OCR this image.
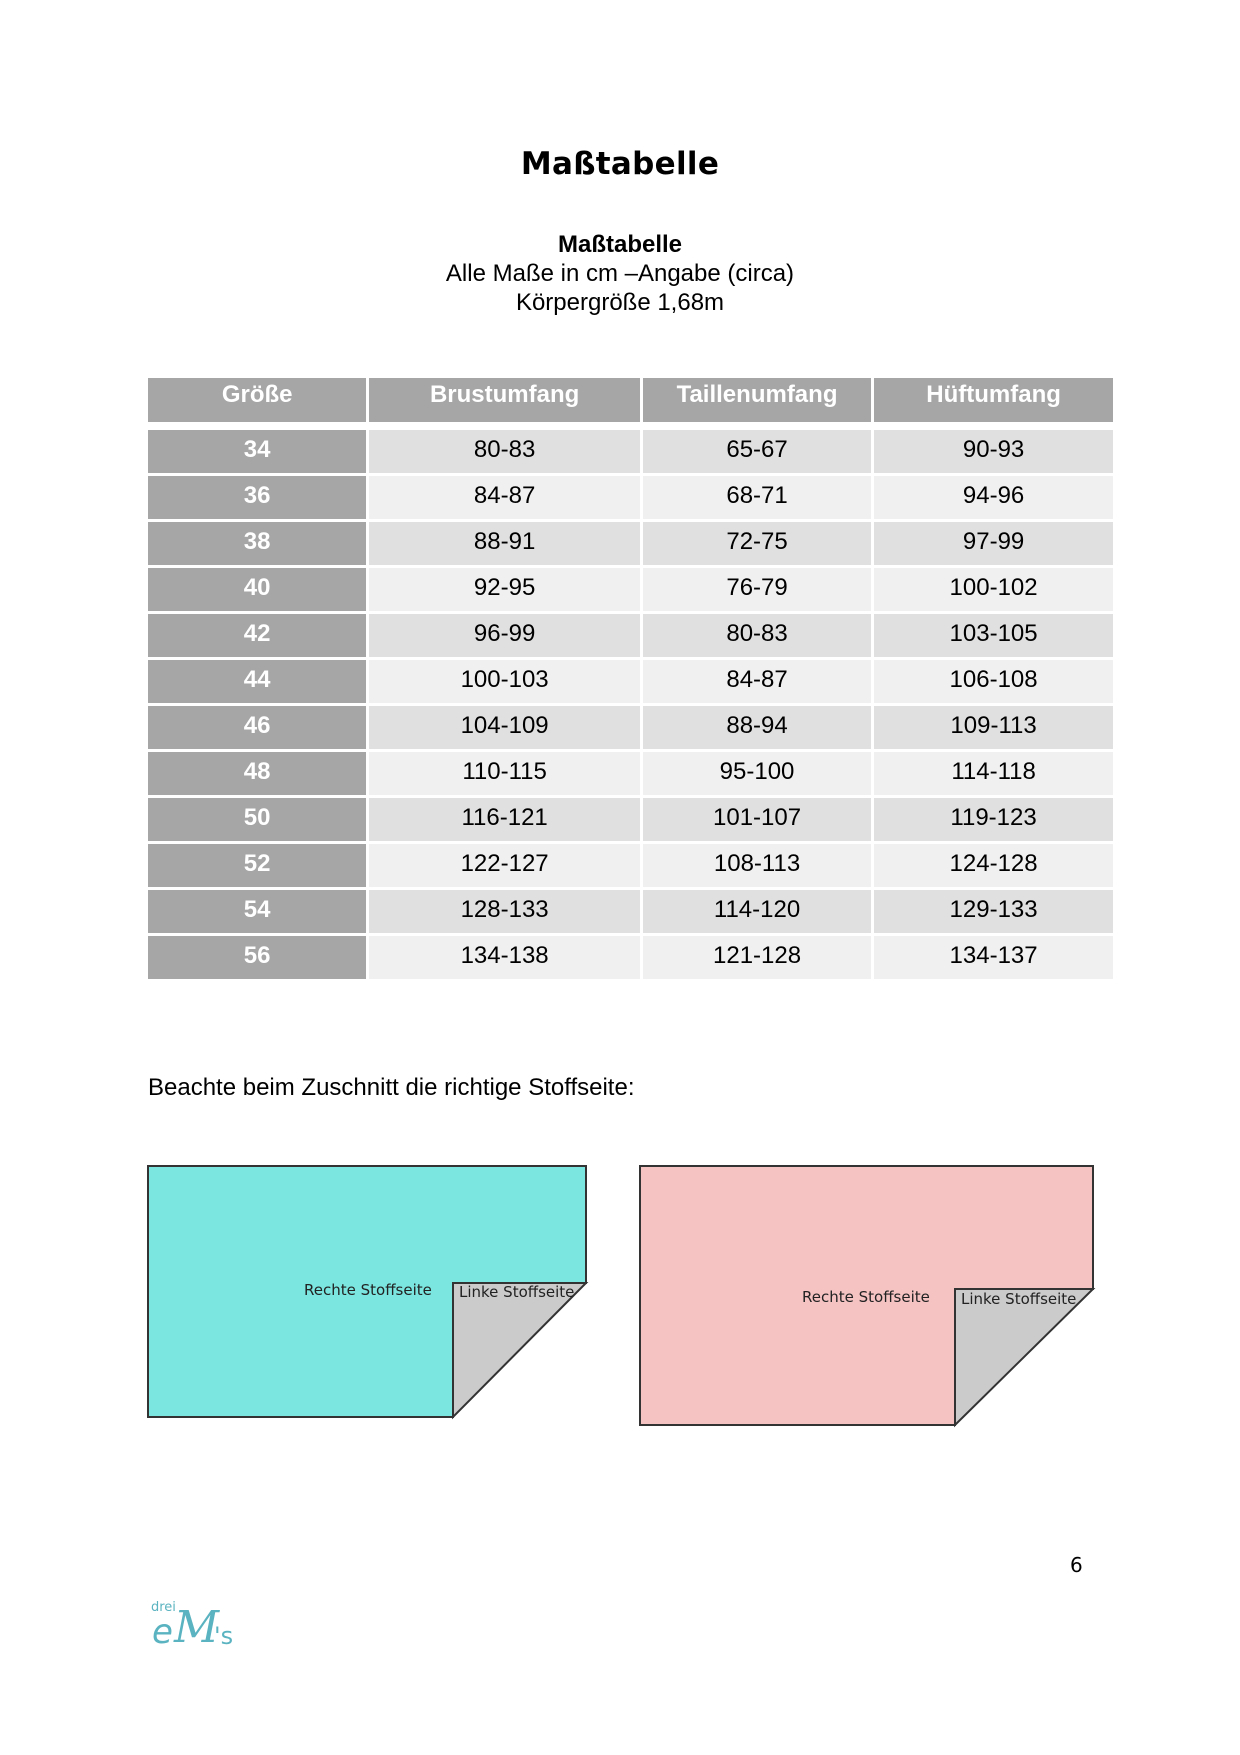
Maßtabelle
Maßtabelle
Alle Maße in cm –Angabe (circa)
Körpergröße 1,68m
Größe	Brustumfang	Taillenumfang	Hüftumfang
34	80-83	65-67	90-93
36	84-87	68-71	94-96
38	88-91	72-75	97-99
40	92-95	76-79	100-102
42	96-99	80-83	103-105
44	100-103	84-87	106-108
46	104-109	88-94	109-113
48	110-115	95-100	114-118
50	116-121	101-107	119-123
52	122-127	108-113	124-128
54	128-133	114-120	129-133
56	134-138	121-128	134-137
Beachte beim Zuschnitt die richtige Stoffseite:
Rechte Stoffseite Linke Stoffseite	Rechte Stoffseite Linke Stoffseite
6
drei
e M
's
